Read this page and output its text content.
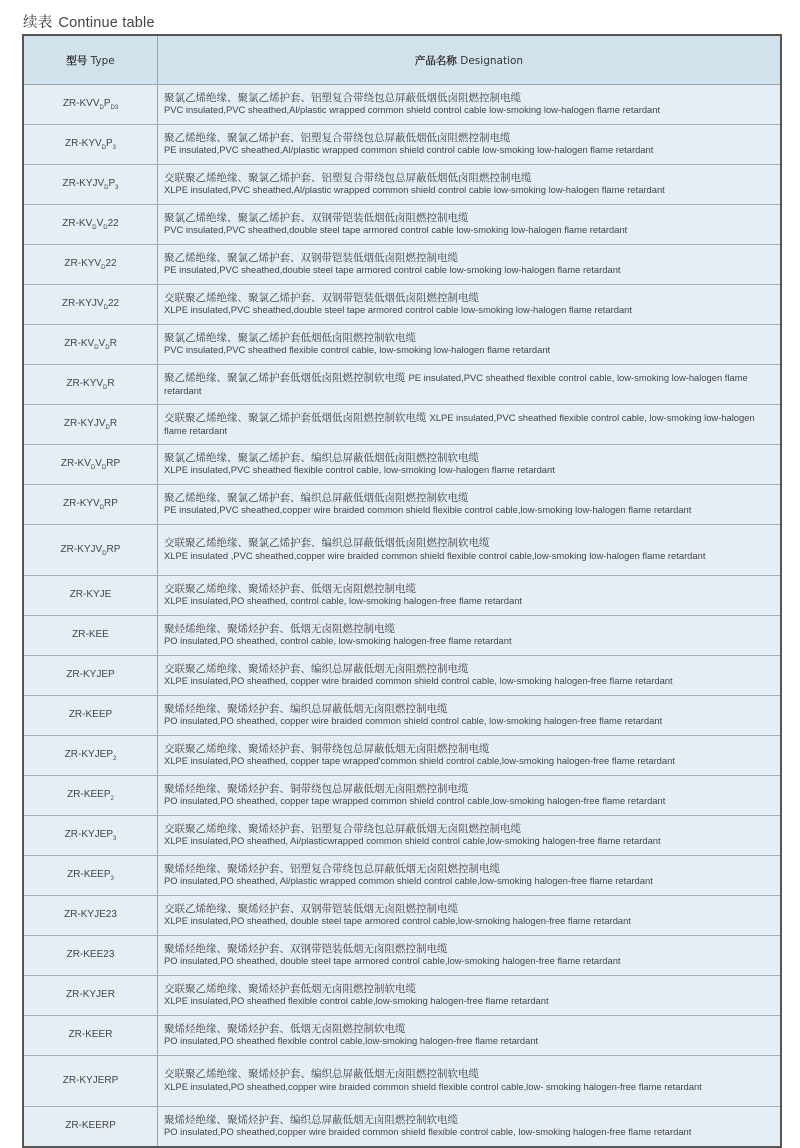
续表 Continue table
型号 Type	产品名称 Designation
$ZR-KVV_DP_{D3}$	聚氯乙烯绝缘、聚氯乙烯护套、铝塑复合带绕包总屏蔽低烟低卤阻燃控制电缆
PVC insulated,PVC sheathed,Al/plastic wrapped common shield control cable low-smoking low-halogen flame retardant
$ZR-KYV_DP_3$	聚乙烯绝缘、聚氯乙烯护套、铝塑复合带绕包总屏蔽低烟低卤阻燃控制电缆
PE insulated,PVC sheathed,Al/plastic wrapped common shield control cable low-smoking low-halogen flame retardant
$ZR-KYJV_DP_3$	交联聚乙烯绝缘、聚氯乙烯护套、铝塑复合带绕包总屏蔽低烟低卤阻燃控制电缆
XLPE insulated,PVC sheathed,Al/plastic wrapped common shield control cable low-smoking low-halogen flame retardant
$ZR-KV_DV_D22$	聚氯乙烯绝缘、聚氯乙烯护套、双钢带铠装低烟低卤阻燃控制电缆
PVC insulated,PVC sheathed,double steel tape armored control cable low-smoking low-halogen flame retardant
$ZR-KYV_D22$	聚乙烯绝缘、聚氯乙烯护套、双钢带铠装低烟低卤阻燃控制电缆
PE insulated,PVC sheathed,double steel tape armored control cable low-smoking low-halogen flame retardant
$ZR-KYJV_D22$	交联聚乙烯绝缘、聚氯乙烯护套、双钢带铠装低烟低卤阻燃控制电缆
XLPE insulated,PVC sheathed,double steel tape armored control cable low-smoking low-halogen flame retardant
$ZR-KV_DV_DR$	聚氯乙烯绝缘、聚氯乙烯护套低烟低卤阻燃控制软电缆
PVC insulated,PVC sheathed flexible control cable, low-smoking low-halogen flame retardant
$ZR-KYV_DR$	聚乙烯绝缘、聚氯乙烯护套低烟低卤阻燃控制软电缆 PE insulated,PVC sheathed flexible control cable, low-smoking low-halogen flame retardant
$ZR-KYJV_DR$	交联聚乙烯绝缘、聚氯乙烯护套低烟低卤阻燃控制软电缆 XLPE insulated,PVC sheathed flexible control cable, low-smoking low-halogen flame retardant
$ZR-KV_DV_DRP$	聚氯乙烯绝缘、聚氯乙烯护套、编织总屏蔽低烟低卤阻燃控制软电缆
XLPE insulated,PVC sheathed flexible control cable, low-smoking low-halogen flame retardant
$ZR-KYV_DRP$	聚乙烯绝缘、聚氯乙烯护套、编织总屏蔽低烟低卤阻燃控制软电缆
PE insulated,PVC sheathed,copper wire braided common shield flexible control cable,low-smoking low-halogen flame retardant
$ZR-KYJV_DRP$	交联聚乙烯绝缘、聚氯乙烯护套、编织总屏蔽低烟低卤阻燃控制软电缆
XLPE insulated ,PVC sheathed,copper wire braided common shield flexible control cable,low-smoking low-halogen flame retardant
ZR-KYJE	交联聚乙烯绝缘、聚烯烃护套、低烟无卤阻燃控制电缆
XLPE insulated,PO sheathed, control cable, low-smoking halogen-free flame retardant
ZR-KEE	聚烃烯绝缘、聚烯烃护套、低烟无卤阻燃控制电缆
PO insulated,PO sheathed, control cable, low-smoking halogen-free flame retardant
ZR-KYJEP	交联聚乙烯绝缘、聚烯烃护套、编织总屏蔽低烟无卤阻燃控制电缆
XLPE insulated,PO sheathed, copper wire braided common shield control cable, low-smoking halogen-free flame retardant
ZR-KEEP	聚烯烃绝缘、聚烯烃护套、编织总屏蔽低烟无卤阻燃控制电缆
PO insulated,PO sheathed, copper wire braided common shield control cable, low-smoking halogen-free flame retardant
$ZR-KYJEP_2$	交联聚乙烯绝缘、聚烯烃护套、铜带绕包总屏蔽低烟无卤阻燃控制电缆
XLPE insulated,PO sheathed, copper tape wrapped'common shield control cable,low-smoking halogen-free flame retardant
$ZR-KEEP_2$	聚烯烃绝缘、聚烯烃护套、铜带绕包总屏蔽低烟无卤阻燃控制电缆
PO insulated,PO sheathed, copper tape wrapped common shield control cable,low-smoking halogen-free flame retardant
$ZR-KYJEP_3$	交联聚乙烯绝缘、聚烯烃护套、铝塑复合带绕包总屏蔽低烟无卤阻燃控制电缆
XLPE insulated,PO sheathed, Ai/plasticwrapped common shield control cable,low-smoking halogen-free flame retardant
$ZR-KEEP_3$	聚烯烃绝缘、聚烯烃护套、铝塑复合带绕包总屏蔽低烟无卤阻燃控制电缆
PO insulated,PO sheathed, Al/plastic wrapped common shield control cable,low-smoking halogen-free flame retardant
ZR-KYJE23	交联乙烯绝缘、聚烯烃护套、双钢带铠装低烟无卤阻燃控制电缆
XLPE insulated,PO sheathed, double steel tape armored control cable,low-smoking halogen-free flame retardant
ZR-KEE23	聚烯烃绝缘、聚烯烃护套、双钢带铠装低烟无卤阻燃控制电缆
PO insulated,PO sheathed, double steel tape armored control cable,low-smoking halogen-free flame retardant
ZR-KYJER	交联聚乙烯绝缘、聚烯烃护套低烟无卤阻燃控制软电缆
XLPE insulated,PO sheathed flexible control cable,low-smoking halogen-free flame retardant
ZR-KEER	聚烯烃绝缘、聚烯烃护套、低烟无卤阻燃控制软电缆
PO insulated,PO sheathed flexible control cable,low-smoking halogen-free flame retardant
ZR-KYJERP	交联聚乙烯绝缘、聚烯烃护套、编织总屏蔽低烟无卤阻燃控制软电缆
XLPE insulated,PO sheathed,copper wire braided common shield flexible control cable,low- smoking halogen-free flame retardant
ZR-KEERP	聚烯烃绝缘、聚烯烃护套、编织总屏蔽低烟无卤阻燃控制软电缆
PO insulated,PO sheathed,copper wire braided common shield flexible control cable, low-smoking halogen-free flame retardant
